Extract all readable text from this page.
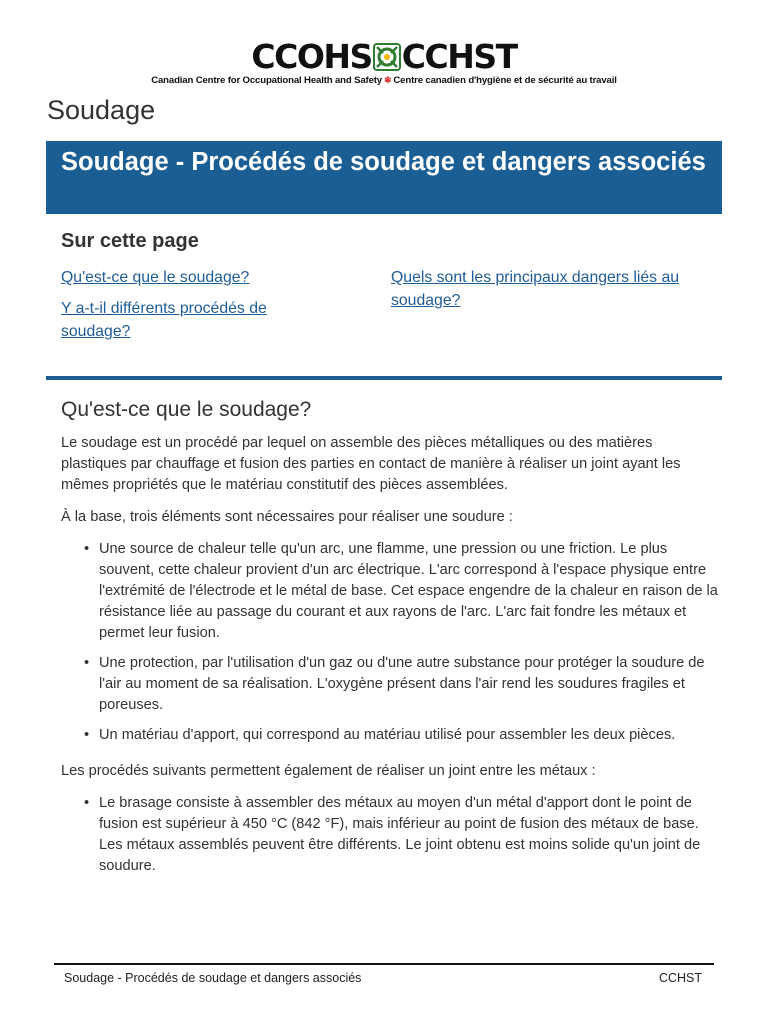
CCOHS CCHST
Canadian Centre for Occupational Health and Safety ❄ Centre canadien d'hygiène et de sécurité au travail
Soudage
Soudage - Procédés de soudage et dangers associés
Sur cette page
Qu'est-ce que le soudage?
Y a-t-il différents procédés de soudage?
Quels sont les principaux dangers liés au soudage?
Qu'est-ce que le soudage?

Le soudage est un procédé par lequel on assemble des pièces métalliques ou des matières plastiques par chauffage et fusion des parties en contact de manière à réaliser un joint ayant les mêmes propriétés que le matériau constitutif des pièces assemblées.

À la base, trois éléments sont nécessaires pour réaliser une soudure :

• Une source de chaleur telle qu'un arc, une flamme, une pression ou une friction. Le plus souvent, cette chaleur provient d'un arc électrique. L'arc correspond à l'espace physique entre l'extrémité de l'électrode et le métal de base. Cet espace engendre de la chaleur en raison de la résistance liée au passage du courant et aux rayons de l'arc. L'arc fait fondre les métaux et permet leur fusion.
• Une protection, par l'utilisation d'un gaz ou d'une autre substance pour protéger la soudure de l'air au moment de sa réalisation. L'oxygène présent dans l'air rend les soudures fragiles et poreuses.
• Un matériau d'apport, qui correspond au matériau utilisé pour assembler les deux pièces.

Les procédés suivants permettent également de réaliser un joint entre les métaux :

• Le brasage consiste à assembler des métaux au moyen d'un métal d'apport dont le point de fusion est supérieur à 450 °C (842 °F), mais inférieur au point de fusion des métaux de base. Les métaux assemblés peuvent être différents. Le joint obtenu est moins solide qu'un joint de soudure.
Soudage - Procédés de soudage et dangers associés	CCHST
